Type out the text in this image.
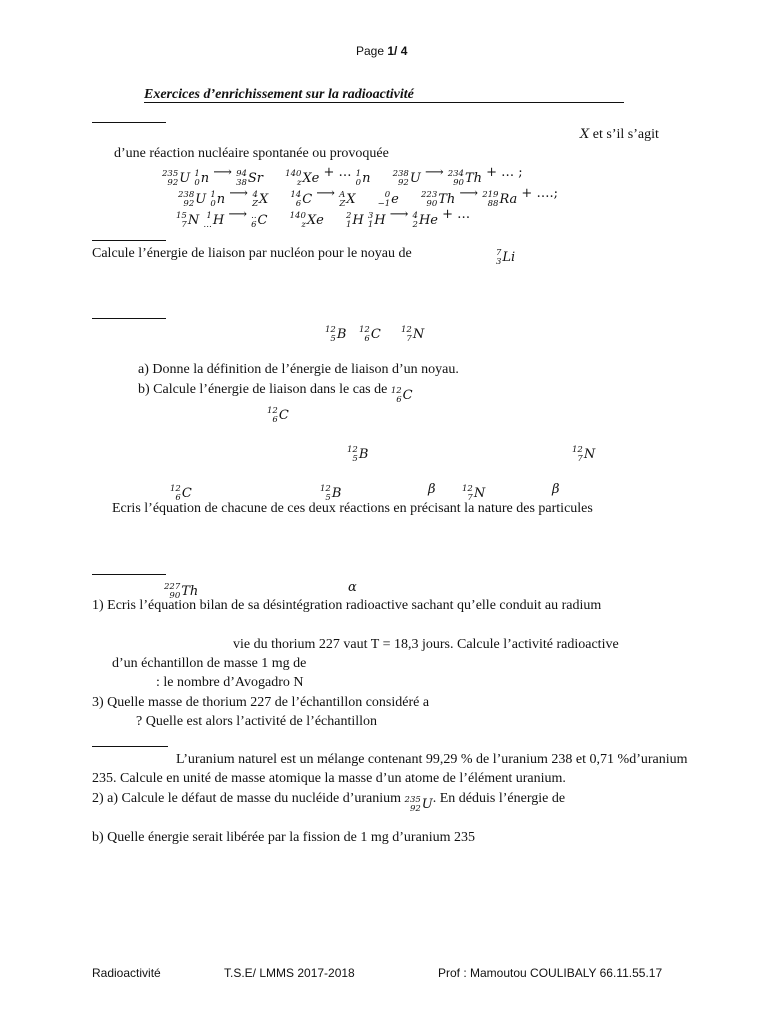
Page 1/ 4
Exercices d’enrichissement sur la radioactivité
X et s’il s’agit
d’une réaction nucléaire spontanée ou provoquée
235
92 U
1
0 n ⟶ 94
38 Sr
	140
z Xe + … 1
0 n
	238
92 U ⟶ 234
90 Th + … ;
238
92 U
1
0 n ⟶ 4
Z X
	14
6 C ⟶ A
Z X
	0
−1 e
	223
90 Th ⟶ 219
88 Ra + ….;
15
7 N
1
… H ⟶ ..
6 C
	140
z Xe
	2
1 H
3
1 H ⟶ 4
2 He + …
Calcule l’énergie de liaison par nucléon pour le noyau de	7
3 Li
12
5 B 12
6 C 12
7 N
a) Donne la définition de l’énergie de liaison d’un noyau.
b) Calcule l’énergie de liaison dans le cas de 12
6 C
12
6 C
12
5 B	12
7 N
12
6 C	12
5 B	β	12
7 N	β
Ecris l’équation de chacune de ces deux réactions en précisant la nature des particules
227
90 Th	α
1) Ecris l’équation bilan de sa désintégration radioactive sachant qu’elle conduit au radium
vie du thorium 227 vaut T = 18,3 jours. Calcule l’activité radioactive
d’un échantillon de masse 1 mg de
: le nombre d’Avogadro N
3) Quelle masse de thorium 227 de l’échantillon considéré a
? Quelle est alors l’activité de l’échantillon
L’uranium naturel est un mélange contenant 99,29 % de l’uranium 238 et 0,71 %d’uranium
235. Calcule en unité de masse atomique la masse d’un atome de l’élément uranium.
2) a) Calcule le défaut de masse du nucléide d’uranium 235
92 U . En déduis l’énergie de
b) Quelle énergie serait libérée par la fission de 1 mg d’uranium 235
Radioactivité	T.S.E/ LMMS 2017-2018	Prof : Mamoutou COULIBALY 66.11.55.17
